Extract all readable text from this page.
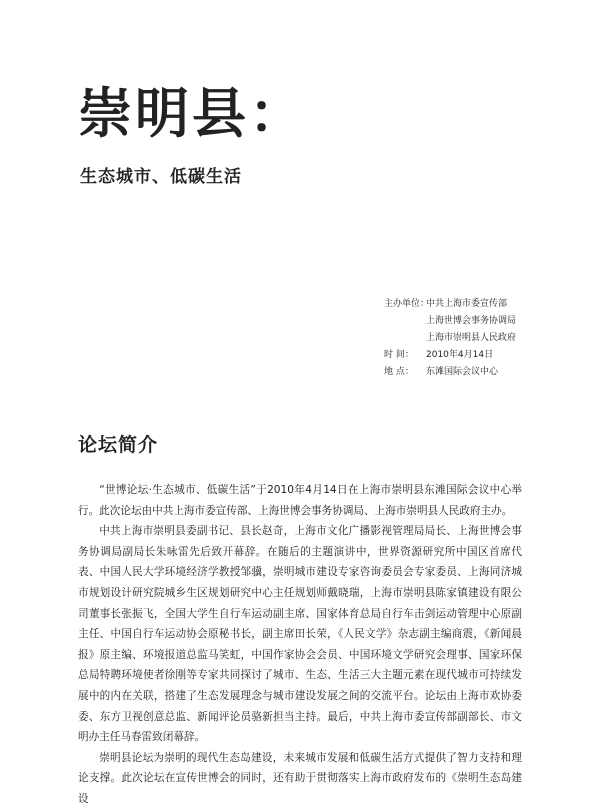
崇明县：
生态城市、低碳生活
主办单位：
中共上海市委宣传部
上海世博会事务协调局
上海市崇明县人民政府
时 间：	2010年4月14日
地 点：	东滩国际会议中心
论坛简介

“世博论坛·生态城市、低碳生活”于2010年4月14日在上海市崇明县东滩国际会议中心举行。此次论坛由中共上海市委宣传部、上海世博会事务协调局、上海市崇明县人民政府主办。

中共上海市崇明县委副书记、县长赵奇，上海市文化广播影视管理局局长、上海世博会事务协调局副局长朱咏雷先后致开幕辞。在随后的主题演讲中，世界资源研究所中国区首席代表、中国人民大学环境经济学教授邹骥，崇明城市建设专家咨询委员会专家委员、上海同济城市规划设计研究院城乡生区规划研究中心主任规划师戴晓瑞，上海市崇明县陈家镇建设有限公司董事长张振飞，全国大学生自行车运动副主席、国家体育总局自行车击剑运动管理中心原副主任、中国自行车运动协会原秘书长，副主席田长荣，《人民文学》杂志副主编商震，《新闻晨报》原主编、环境报道总监马笑虹，中国作家协会会员、中国环境文学研究会理事、国家环保总局特聘环境使者徐刚等专家共同探讨了城市、生态、生活三大主题元素在现代城市可持续发展中的内在关联，搭建了生态发展理念与城市建设发展之间的交流平台。论坛由上海市欢协委委、东方卫视创意总监、新闻评论员骆新担当主持。最后，中共上海市委宣传部副部长、市文明办主任马春雷致闭幕辞。

崇明县论坛为崇明的现代生态岛建设，未来城市发展和低碳生活方式提供了智力支持和理论支撑。此次论坛在宣传世博会的同时，还有助于贯彻落实上海市政府发布的《崇明生态岛建设
